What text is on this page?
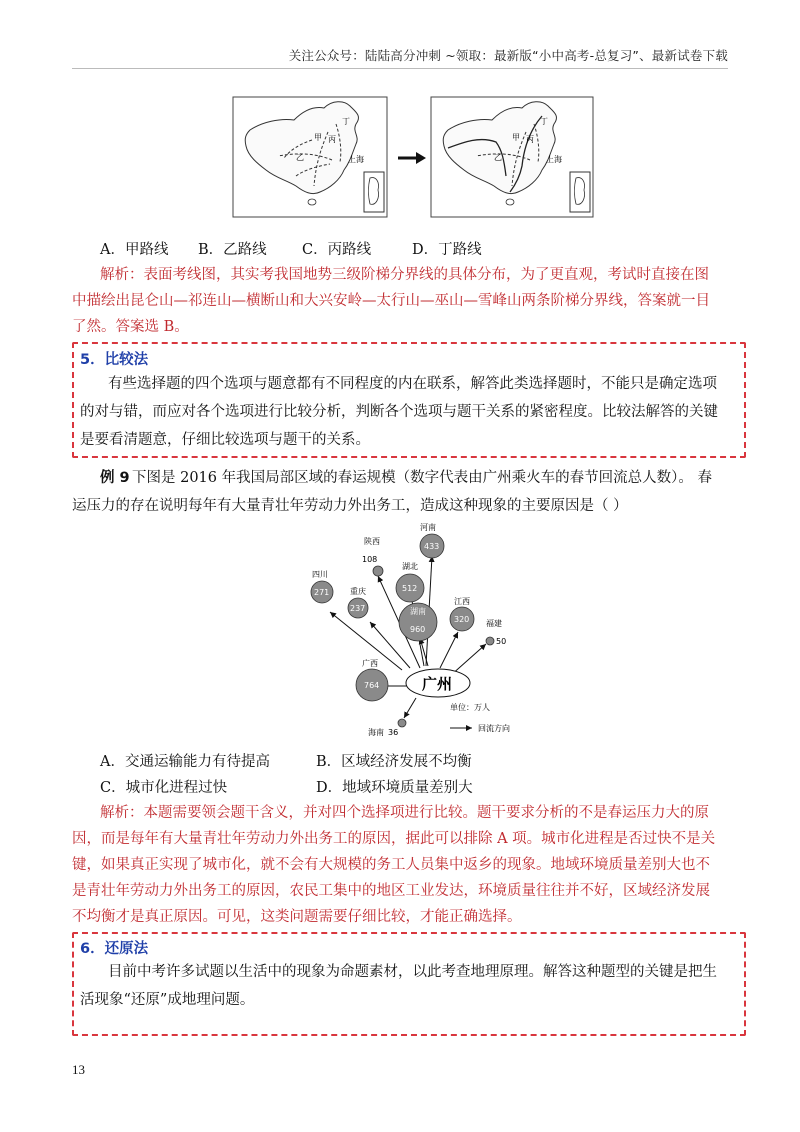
关注公众号：陆陆高分冲刺 ~领取：最新版“小中高考-总复习”、最新试卷下载
甲
乙
丙
丁
上海
甲
乙
丙
丁
上海
A．甲路线 B．乙路线 C．丙路线	D．丁路线
解析：表面考线图，其实考我国地势三级阶梯分界线的具体分布，为了更直观，考试时直接在图
中描绘出昆仑山—祁连山—横断山和大兴安岭—太行山—巫山—雪峰山两条阶梯分界线，答案就一目
了然。答案选 B。
5．比较法
有些选择题的四个选项与题意都有不同程度的内在联系，解答此类选择题时，不能只是确定选项
的对与错，而应对各个选项进行比较分析，判断各个选项与题干关系的紧密程度。比较法解答的关键
是要看清题意，仔细比较选项与题干的关系。
例 9 下图是 2016 年我国局部区域的春运规模（数字代表由广州乘火车的春节回流总人数）。 春
运压力的存在说明每年有大量青壮年劳动力外出务工，造成这种现象的主要原因是（ ）
陕西
108
河南
433
四川
271
湖北
512
重庆
237	湖南
960
江西
320 福建
50
广西
764
海南 36
广州
单位：万人
回流方向
A．交通运输能力有待提高	B．区域经济发展不均衡
C．城市化进程过快	D．地域环境质量差别大
解析：本题需要领会题干含义，并对四个选择项进行比较。题干要求分析的不是春运压力大的原
因，而是每年有大量青壮年劳动力外出务工的原因，据此可以排除 A 项。城市化进程是否过快不是关
键，如果真正实现了城市化，就不会有大规模的务工人员集中返乡的现象。地域环境质量差别大也不
是青壮年劳动力外出务工的原因，农民工集中的地区工业发达，环境质量往往并不好，区域经济发展
不均衡才是真正原因。可见，这类问题需要仔细比较，才能正确选择。
6．还原法
目前中考许多试题以生活中的现象为命题素材，以此考查地理原理。解答这种题型的关键是把生
活现象“还原”成地理问题。
13
